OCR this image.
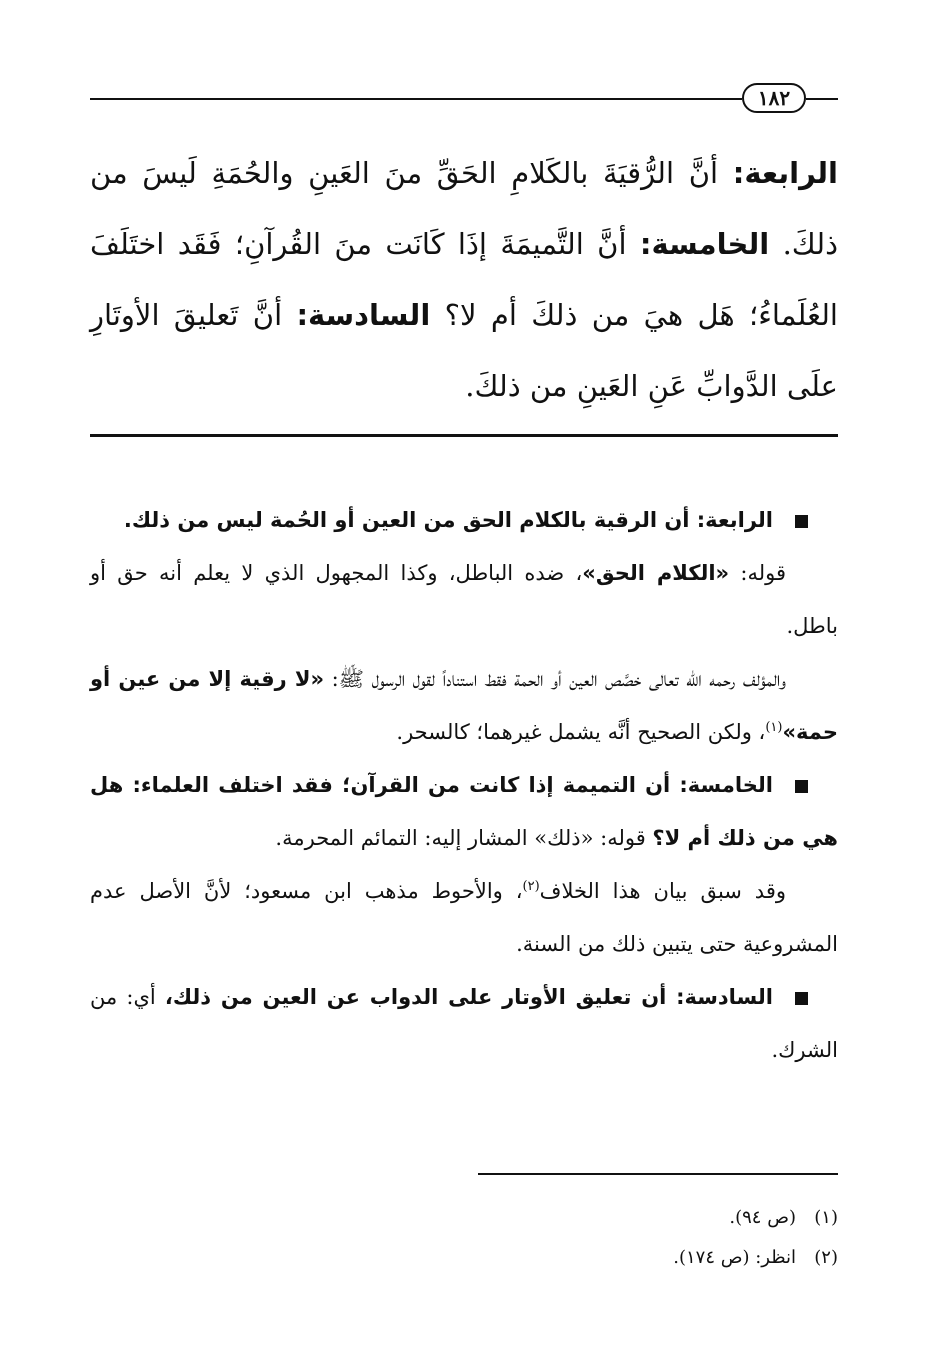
١٨٢

الرابعة: أنَّ الرُّقيَةَ بالكَلامِ الحَقِّ منَ العَينِ والحُمَةِ لَيسَ من ذلكَ. الخامسة: أنَّ التَّميمَةَ إذَا كَانَت منَ القُرآنِ؛ فَقَد اختَلَفَ العُلَماءُ؛ هَل هيَ من ذلكَ أم لا؟ السادسة: أنَّ تَعليقَ الأوتَارِ علَى الدَّوابِّ عَنِ العَينِ من ذلكَ.

الرابعة: أن الرقية بالكلام الحق من العين أو الحُمة ليس من ذلك.

قوله: «الكلام الحق»، ضده الباطل، وكذا المجهول الذي لا يعلم أنه حق أو باطل.

والمؤلف رحمه الله تعالى خصَّص العين أو الحمة فقط استناداً لقول الرسول ﷺ: «لا رقية إلا من عين أو حمة»$^{(١)}$، ولكن الصحيح أنَّه يشمل غيرهما؛ كالسحر.

الخامسة: أن التميمة إذا كانت من القرآن؛ فقد اختلف العلماء: هل هي من ذلك أم لا؟ قوله: «ذلك» المشار إليه: التمائم المحرمة.

وقد سبق بيان هذا الخلاف$^{(٢)}$، والأحوط مذهب ابن مسعود؛ لأنَّ الأصل عدم المشروعية حتى يتبين ذلك من السنة.

السادسة: أن تعليق الأوتار على الدواب عن العين من ذلك، أي: من الشرك.

(١)(ص ٩٤).
(٢)انظر: (ص ١٧٤).
